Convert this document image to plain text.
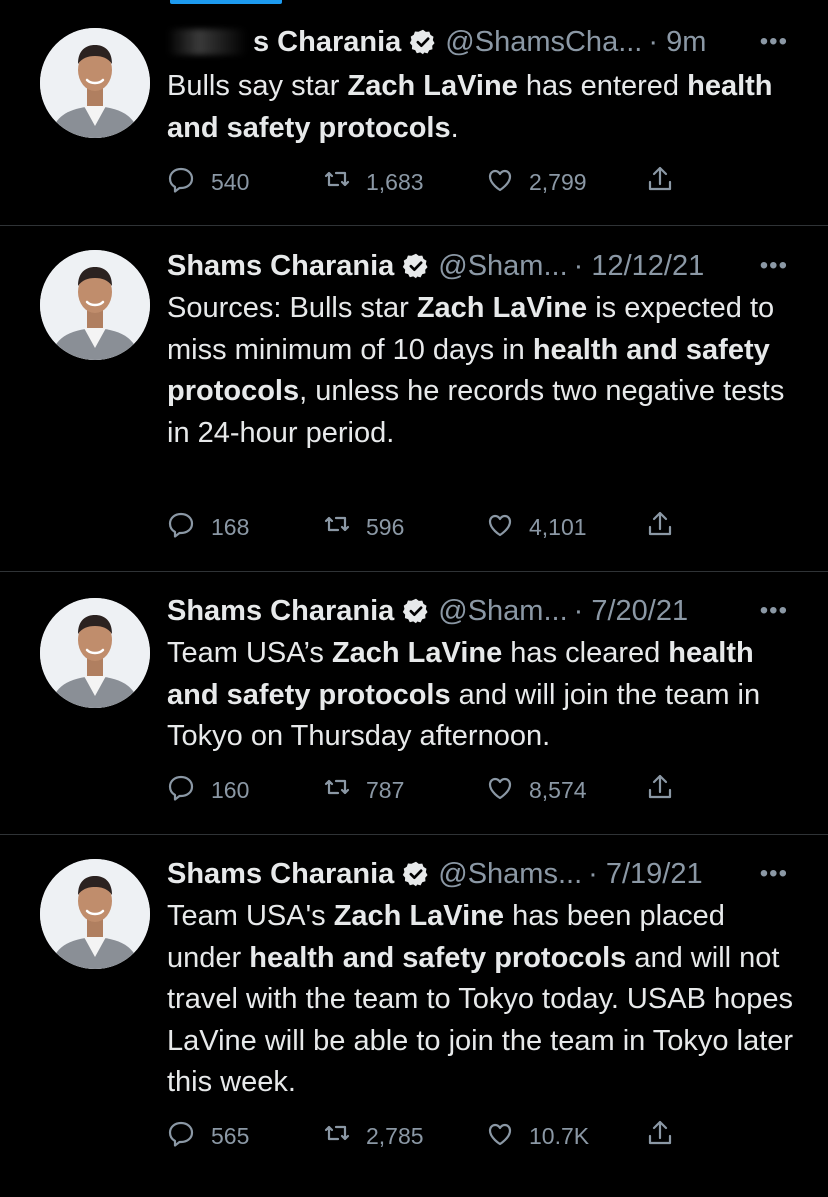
s Charania @ShamsCha... · 9m •••
Bulls say star Zach LaVine has entered health and safety protocols.
540	1,683	2,799
Shams Charania @Sham... · 12/12/21 •••
Sources: Bulls star Zach LaVine is expected to miss minimum of 10 days in health and safety protocols, unless he records two negative tests in 24-hour period.
168	596	4,101
Shams Charania @Sham... · 7/20/21	•••
Team USA’s Zach LaVine has cleared health and safety protocols and will join the team in Tokyo on Thursday afternoon.
160	787	8,574
Shams Charania @Shams... · 7/19/21 •••
Team USA's Zach LaVine has been placed under health and safety protocols and will not travel with the team to Tokyo today. USAB hopes LaVine will be able to join the team in Tokyo later this week.
565	2,785	10.7K
